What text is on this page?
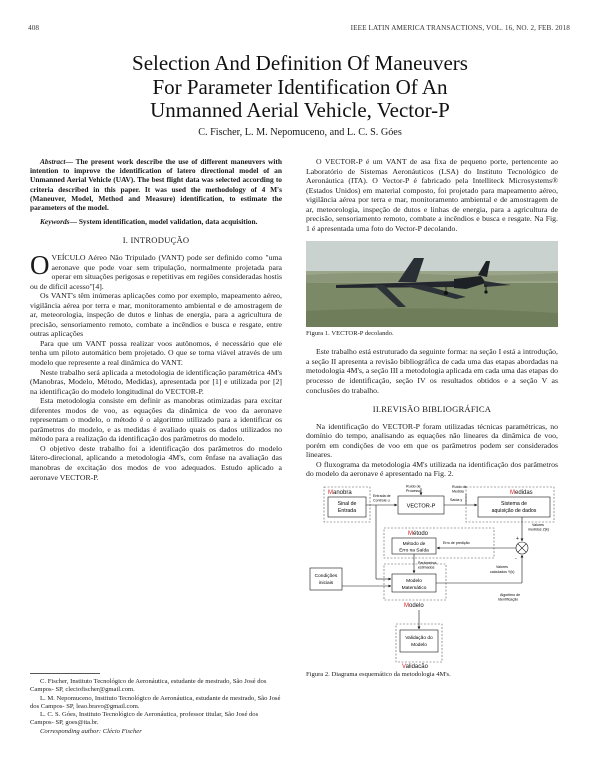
408	IEEE LATIN AMERICA TRANSACTIONS, VOL. 16, NO. 2, FEB. 2018
Selection And Definition Of Maneuvers
For Parameter Identification Of An
Unmanned Aerial Vehicle, Vector-P
C. Fischer, L. M. Nepomuceno, and L. C. S. Góes

Abstract— The present work describe the use of different maneuvers with intention to improve the identification of latero directional model of an Unmanned Aerial Vehicle (UAV). The best flight data was selected according to criteria described in this paper. It was used the methodology of 4 M's (Maneuver, Model, Method and Measure) identification, to estimate the parameters of the model.

Keywords— System identification, model validation, data acquisition.

I. INTRODUÇÃO

OVEÍCULO Aéreo Não Tripulado (VANT) pode ser definido como "uma aeronave que pode voar sem tripulação, normalmente projetada para operar em situações perigosas e repetitivas em regiões consideradas hostis ou de difícil acesso"[4].

Os VANT's têm inúmeras aplicações como por exemplo, mapeamento aéreo, vigilância aérea por terra e mar, monitoramento ambiental e de amostragem de ar, meteorologia, inspeção de dutos e linhas de energia, para a agricultura de precisão, sensoriamento remoto, combate a incêndios e busca e resgate, entre outras aplicações

Para que um VANT possa realizar voos autônomos, é necessário que ele tenha um piloto automático bem projetado. O que se torna viável através de um modelo que represente a real dinâmica do VANT.

Neste trabalho será aplicada a metodologia de identificação paramétrica 4M's (Manobras, Modelo, Método, Medidas), apresentada por [1] e utilizada por [2] na identificação do modelo longitudinal do VECTOR-P.

Esta metodologia consiste em definir as manobras otimizadas para excitar diferentes modos de voo, as equações da dinâmica de voo da aeronave representam o modelo, o método é o algoritmo utilizado para a identificar os parâmetros do modelo, e as medidas é avaliado quais os dados utilizados no método para a realização da identificação dos parâmetros do modelo.

O objetivo deste trabalho foi a identificação dos parâmetros do modelo látero-direcional, aplicando a metodologia 4M's, com ênfase na avaliação das manobras de excitação dos modos de voo adequados. Estudo aplicado a aeronave VECTOR-P.

C. Fischer, Instituto Tecnológico de Aeronáutica, estudante de mestrado, São José dos Campos- SP, cleciofischer@gmail.com.

L. M. Nepomuceno, Instituto Tecnológico de Aeronáutica, estudante de mestrado, São José dos Campos- SP, leao.bravo@gmail.com.

L. C. S. Góes, Instituto Tecnológico de Aeronáutica, professor titular, São José dos Campos- SP, goes@ita.br.

Corresponding author: Clécio Fischer

O VECTOR-P é um VANT de asa fixa de pequeno porte, pertencente ao Laboratório de Sistemas Aeronáuticos (LSA) do Instituto Tecnológico de Aeronáutica (ITA). O Vector-P é fabricado pela Intelliteck Microsystems® (Estados Unidos) em material composto, foi projetado para mapeamento aéreo, vigilância aérea por terra e mar, monitoramento ambiental e de amostragem de ar, meteorologia, inspeção de dutos e linhas de energia, para a agricultura de precisão, sensoriamento remoto, combate a incêndios e busca e resgate. Na Fig. 1 é apresentada uma foto do Vector-P decolando.

Figura 1. VECTOR-P decolando.

Este trabalho está estruturado da seguinte forma: na seção I está a introdução, a seção II apresenta a revisão bibliográfica de cada uma das etapas abordadas na metodologia 4M's, a seção III a metodologia aplicada em cada uma das etapas do processo de identificação, seção IV os resultados obtidos e a seção V as conclusões do trabalho.

II.REVISÃO BIBLIOGRÁFICA

Na identificação do VECTOR-P foram utilizadas técnicas paramétricas, no domínio do tempo, analisando as equações não lineares da dinâmica de voo, porém em condições de voo em que os parâmetros podem ser considerados lineares.

O fluxograma da metodologia 4M's utilizada na identificação dos parâmetros do modelo da aeronave é apresentado na Fig. 2.

Manobra	Medidas
Método
Modelo
Validação
Sinal de
Entrada
VECTOR-P	Sistema de
aquisição de dados
Entrada de
Controle u
Ruído de
Processo
Ruído de
Medida
Saída y
Método de
Erro na Saída
Erro de predição
+
-
Valores
medidos Z(k)
Condições
iniciais	Modelo
Matemático
Parâmetros
estimados	Valores
calculados Y(k)
Algoritmo de
Identificação
Validação do
Modelo
Figura 2. Diagrama esquemático da metodologia 4M's.
